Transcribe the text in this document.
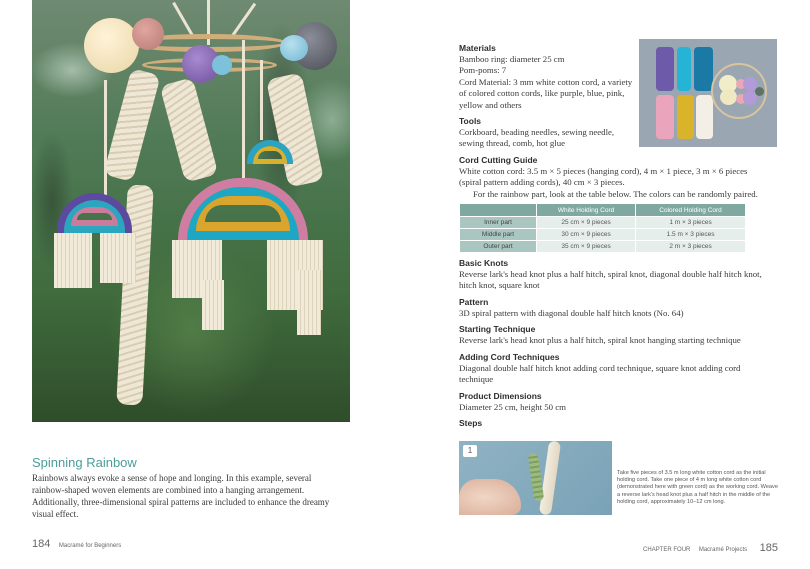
Spinning Rainbow
Rainbows always evoke a sense of hope and longing. In this example, several rainbow-shaped woven elements are combined into a hanging arrangement. Additionally, three-dimensional spiral patterns are included to enhance the dreamy visual effect.
184 Macramé for Beginners
Materials
Bamboo ring: diameter 25 cm
Pom-poms: 7
Cord Material: 3 mm white cotton cord, a variety of colored cotton cords, like purple, blue, pink, yellow and others
Tools
Corkboard, beading needles, sewing needle, sewing thread, comb, hot glue
Cord Cutting Guide
White cotton cord: 3.5 m × 5 pieces (hanging cord), 4 m × 1 piece, 3 m × 6 pieces (spiral pattern adding cords), 40 cm × 3 pieces.
For the rainbow part, look at the table below. The colors can be randomly paired.
	White Holding Cord	Colored Holding Cord
Inner part	25 cm × 9 pieces	1 m × 3 pieces
Middle part	30 cm × 9 pieces	1.5 m × 3 pieces
Outer part	35 cm × 9 pieces	2 m × 3 pieces
Basic Knots
Reverse lark's head knot plus a half hitch, spiral knot, diagonal double half hitch knot, hitch knot, square knot
Pattern
3D spiral pattern with diagonal double half hitch knots (No. 64)
Starting Technique
Reverse lark's head knot plus a half hitch, spiral knot hanging starting technique
Adding Cord Techniques
Diagonal double half hitch knot adding cord technique, square knot adding cord technique
Product Dimensions
Diameter 25 cm, height 50 cm
Steps
1
Take five pieces of 3.5 m long white cotton cord as the initial holding cord. Take one piece of 4 m long white cotton cord (demonstrated here with green cord) as the working cord. Weave a reverse lark's head knot plus a half hitch in the middle of the holding cord, approximately 10–12 cm long.
CHAPTER FOUR Macramé Projects 185
